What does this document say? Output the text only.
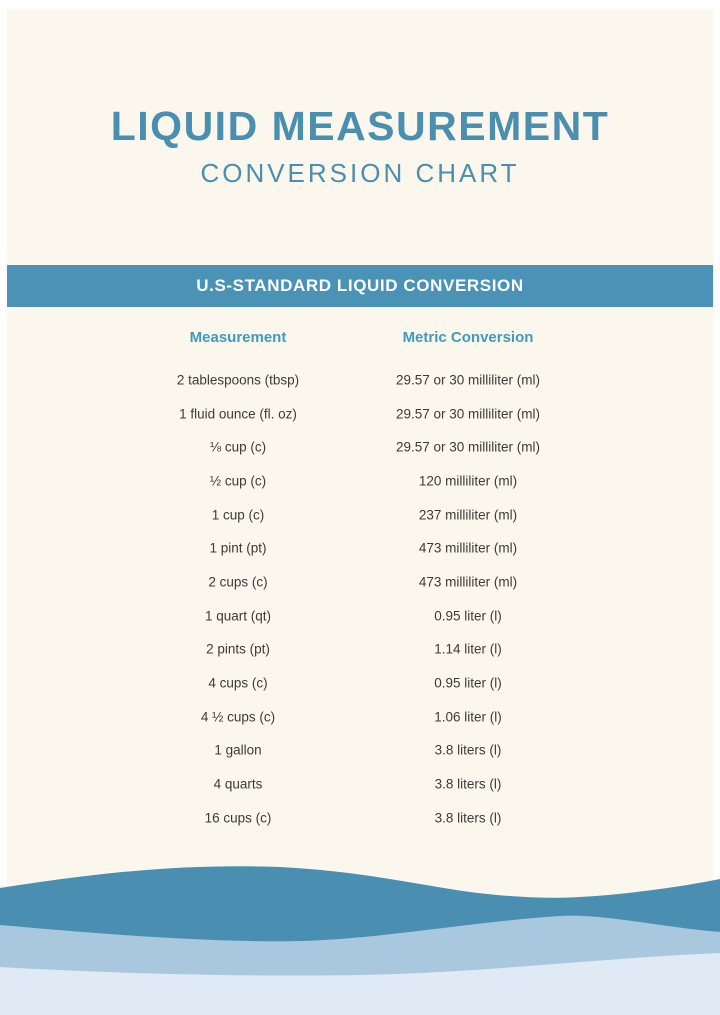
LIQUID MEASUREMENT
CONVERSION CHART
U.S-STANDARD LIQUID CONVERSION
Measurement	Metric Conversion
2 tablespoons (tbsp)	29.57 or 30 milliliter (ml)
1 fluid ounce (fl. oz)	29.57 or 30 milliliter (ml)
⅛ cup (c)	29.57 or 30 milliliter (ml)
½ cup (c)	120 milliliter (ml)
1 cup (c)	237 milliliter (ml)
1 pint (pt)	473 milliliter (ml)
2 cups (c)	473 milliliter (ml)
1 quart (qt)	0.95 liter (l)
2 pints (pt)	1.14 liter (l)
4 cups (c)	0.95 liter (l)
4 ½ cups (c)	1.06 liter (l)
1 gallon	3.8 liters (l)
4 quarts	3.8 liters (l)
16 cups (c)	3.8 liters (l)
